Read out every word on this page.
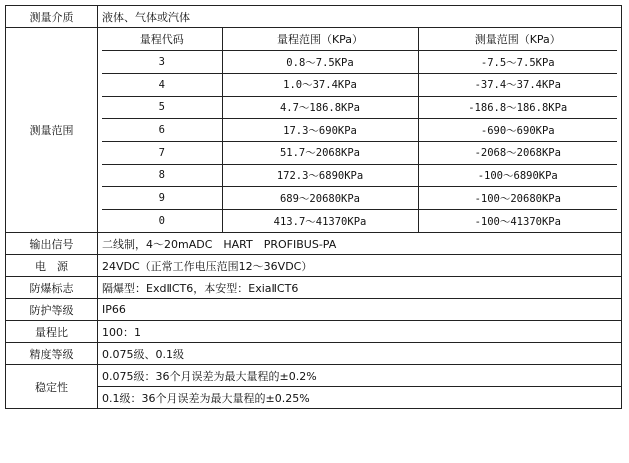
测量介质	液体、气体或汽体
测量范围	
量程代码	量程范围（KPa）	测量范围（KPa）
3	0.8～7.5KPa	-7.5～7.5KPa
4	1.0～37.4KPa	-37.4～37.4KPa
5	4.7～186.8KPa	-186.8～186.8KPa
6	17.3～690KPa	-690～690KPa
7	51.7～2068KPa	-2068～2068KPa
8	172.3～6890KPa	-100～6890KPa
9	689～20680KPa	-100～20680KPa
0	413.7～41370KPa	-100～41370KPa

输出信号	二线制，4～20mADC　HART　PROFIBUS-PA
电　源	24VDC（正常工作电压范围12～36VDC）
防爆标志	隔爆型：ExdⅡCT6，本安型：ExiaⅡCT6
防护等级	IP66
量程比	100：1
精度等级	0.075级、0.1级
稳定性	0.075级：36个月误差为最大量程的±0.2%
0.1级：36个月误差为最大量程的±0.25%
